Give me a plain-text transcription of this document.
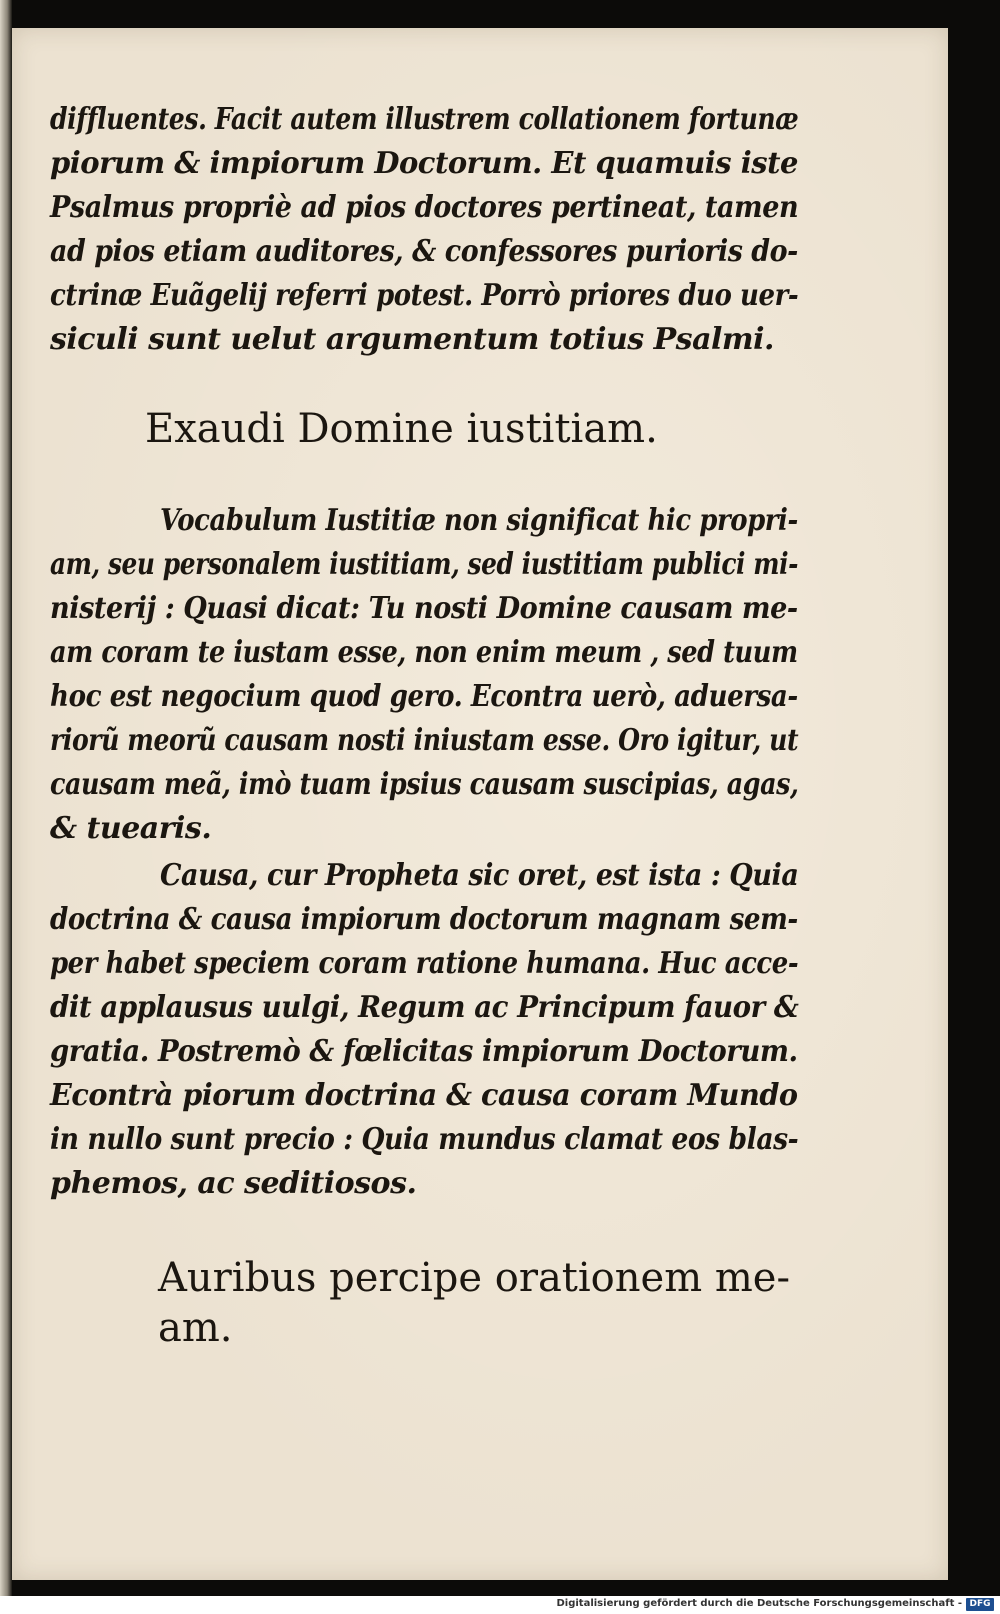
diffluentes. Facit autem illustrem collationem fortunæ
piorum & impiorum Doctorum. Et quamuis iste
Psalmus propriè ad pios doctores pertineat, tamen
ad pios etiam auditores, & confessores purioris do-
ctrinæ Euãgelij referri potest. Porrò priores duo uer-
siculi sunt uelut argumentum totius Psalmi.
Exaudi Domine iustitiam.
Vocabulum Iustitiæ non significat hic propri-
am, seu personalem iustitiam, sed iustitiam publici mi-
nisterij : Quasi dicat: Tu nosti Domine causam me-
am coram te iustam esse, non enim meum , sed tuum
hoc est negocium quod gero. Econtra uerò, aduersa-
riorũ meorũ causam nosti iniustam esse. Oro igitur, ut
causam meã, imò tuam ipsius causam suscipias, agas,
& tuearis.
Causa, cur Propheta sic oret, est ista : Quia
doctrina & causa impiorum doctorum magnam sem-
per habet speciem coram ratione humana. Huc acce-
dit applausus uulgi, Regum ac Principum fauor &
gratia. Postremò & fœlicitas impiorum Doctorum.
Econtrà piorum doctrina & causa coram Mundo
in nullo sunt precio : Quia mundus clamat eos blas-
phemos, ac seditiosos.
Auribus percipe orationem me-
am.
Digitalisierung gefördert durch die Deutsche Forschungsgemeinschaft - DFG
